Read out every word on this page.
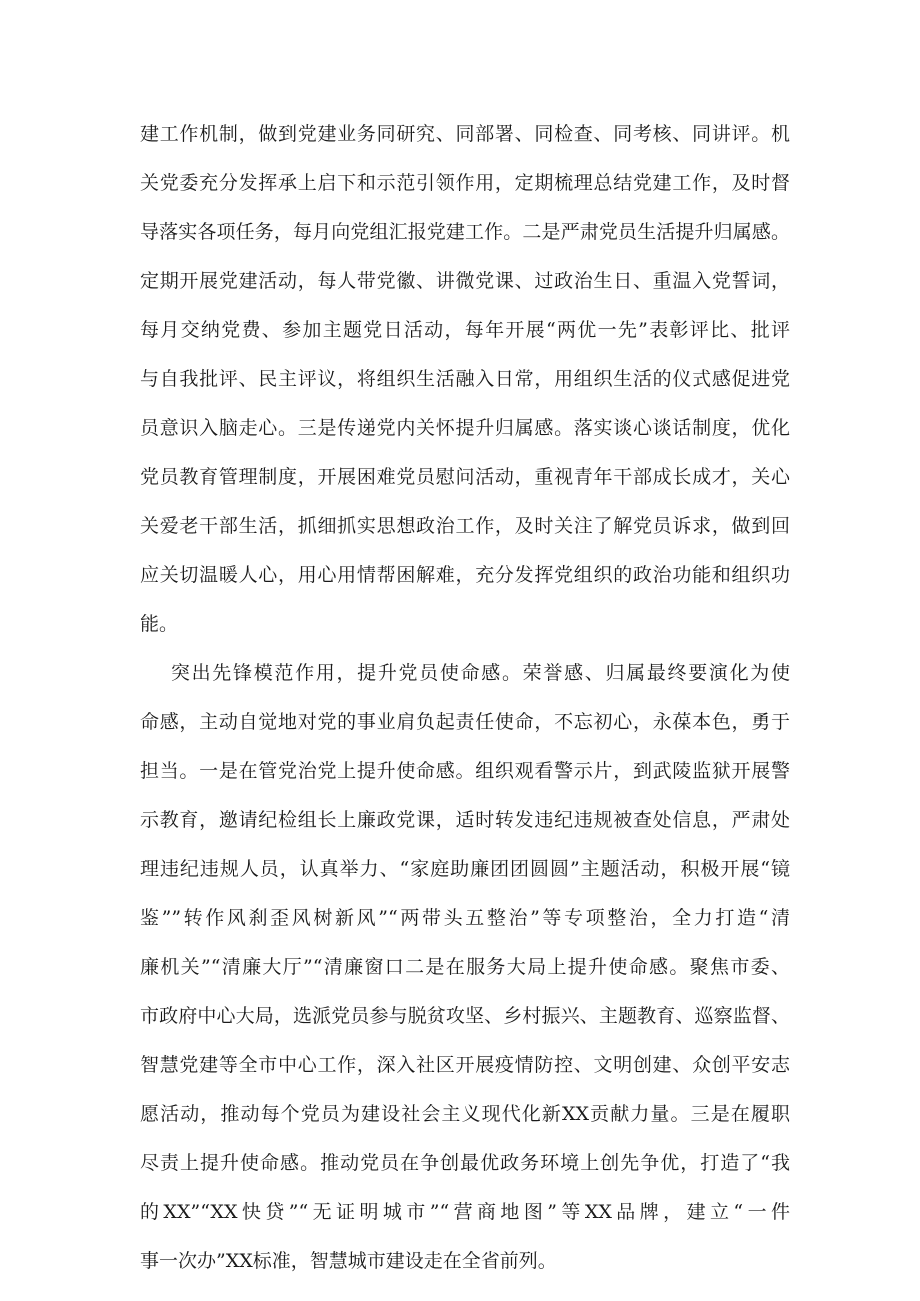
建工作机制，做到党建业务同研究、同部署、同检查、同考核、同讲评。机
关党委充分发挥承上启下和示范引领作用，定期梳理总结党建工作，及时督
导落实各项任务，每月向党组汇报党建工作。二是严肃党员生活提升归属感。
定期开展党建活动，每人带党徽、讲微党课、过政治生日、重温入党誓词，
每月交纳党费、参加主题党日活动，每年开展“两优一先”表彰评比、批评
与自我批评、民主评议，将组织生活融入日常，用组织生活的仪式感促进党
员意识入脑走心。三是传递党内关怀提升归属感。落实谈心谈话制度，优化
党员教育管理制度，开展困难党员慰问活动，重视青年干部成长成才，关心
关爱老干部生活，抓细抓实思想政治工作，及时关注了解党员诉求，做到回
应关切温暖人心，用心用情帮困解难，充分发挥党组织的政治功能和组织功
能。
突出先锋模范作用，提升党员使命感。荣誉感、归属最终要演化为使
命感，主动自觉地对党的事业肩负起责任使命，不忘初心，永葆本色，勇于
担当。一是在管党治党上提升使命感。组织观看警示片，到武陵监狱开展警
示教育，邀请纪检组长上廉政党课，适时转发违纪违规被查处信息，严肃处
理违纪违规人员，认真举力、“家庭助廉团团圆圆”主题活动，积极开展“镜
鉴””转作风刹歪风树新风”“两带头五整治”等专项整治，全力打造“清
廉机关”“清廉大厅”“清廉窗口二是在服务大局上提升使命感。聚焦市委、
市政府中心大局，选派党员参与脱贫攻坚、乡村振兴、主题教育、巡察监督、
智慧党建等全市中心工作，深入社区开展疫情防控、文明创建、众创平安志
愿活动，推动每个党员为建设社会主义现代化新XX贡献力量。三是在履职
尽责上提升使命感。推动党员在争创最优政务环境上创先争优，打造了“我
的XX”“XX快贷”“无证明城市”“营商地图”等XX品牌，建立“一件
事一次办”XX标准，智慧城市建设走在全省前列。
